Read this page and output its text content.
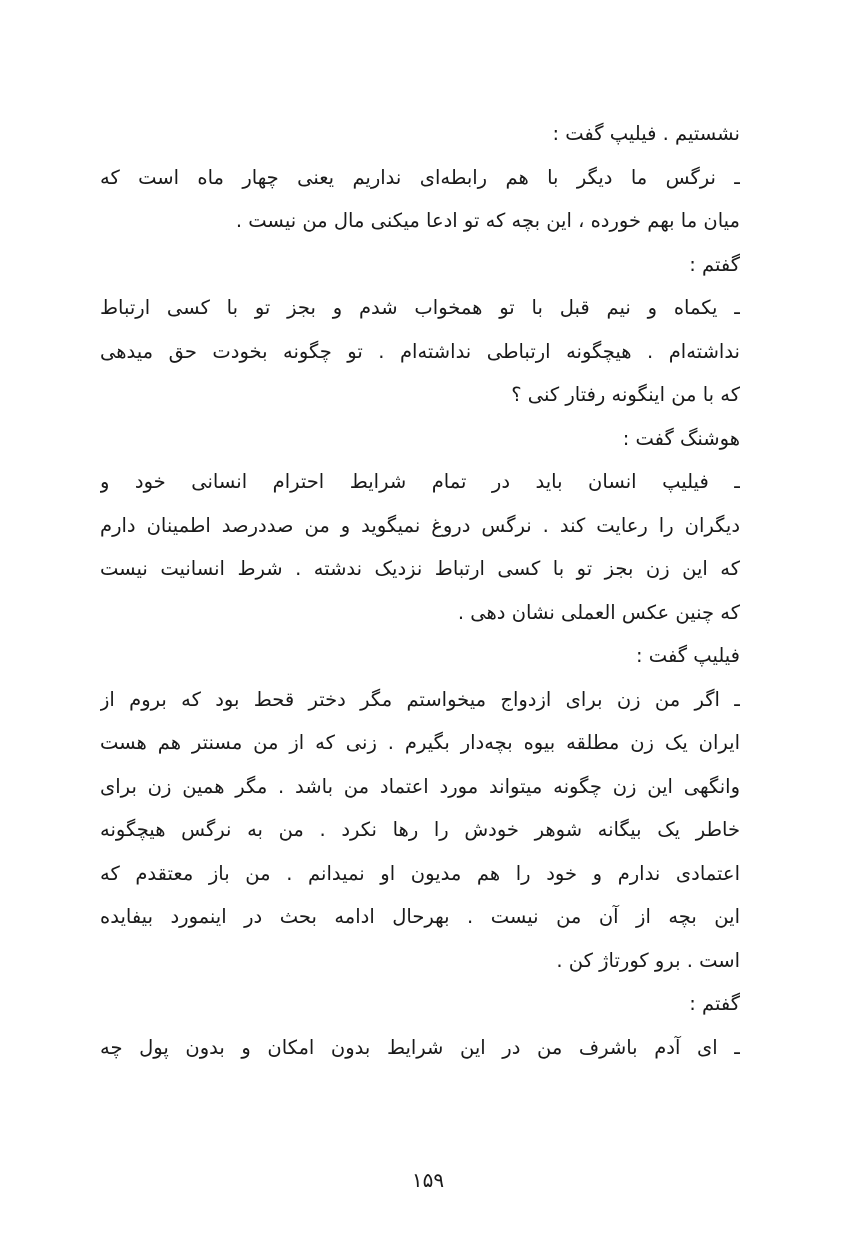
نشستیم . فیلیپ گفت :
ـ نرگس ما دیگر با هم رابطه‌ای نداریم یعنی چهار ماه است که
میان ما بهم خورده ، این بچه که تو ادعا میکنی مال من نیست .
گفتم :
ـ یکماه و نیم قبل با تو همخواب شدم و بجز تو با کسی ارتباط
نداشته‌ام . هیچگونه ارتباطی نداشته‌ام . تو چگونه بخودت حق میدهی
که با من اینگونه رفتار کنی ؟
هوشنگ گفت :
ـ فیلیپ انسان باید در تمام شرایط احترام انسانی خود و
دیگران را رعایت کند . نرگس دروغ نمیگوید و من صددرصد اطمینان دارم
که این زن بجز تو با کسی ارتباط نزدیک ندشته . شرط انسانیت نیست
که چنین عکس العملی نشان دهی .
فیلیپ گفت :
ـ اگر من زن برای ازدواج میخواستم مگر دختر قحط بود که بروم از
ایران یک زن مطلقه بیوه بچه‌دار بگیرم . زنی که از من مسنتر هم هست
وانگهی این زن چگونه میتواند مورد اعتماد من باشد . مگر همین زن برای
خاطر یک بیگانه شوهر خودش را رها نکرد . من به نرگس هیچگونه
اعتمادی ندارم و خود را هم مدیون او نمیدانم . من باز معتقدم که
این بچه از آن من نیست . بهرحال ادامه بحث در اینمورد بیفایده
است . برو کورتاژ کن .
گفتم :
ـ ای آدم باشرف من در این شرایط بدون امکان و بدون پول چه
۱۵۹
